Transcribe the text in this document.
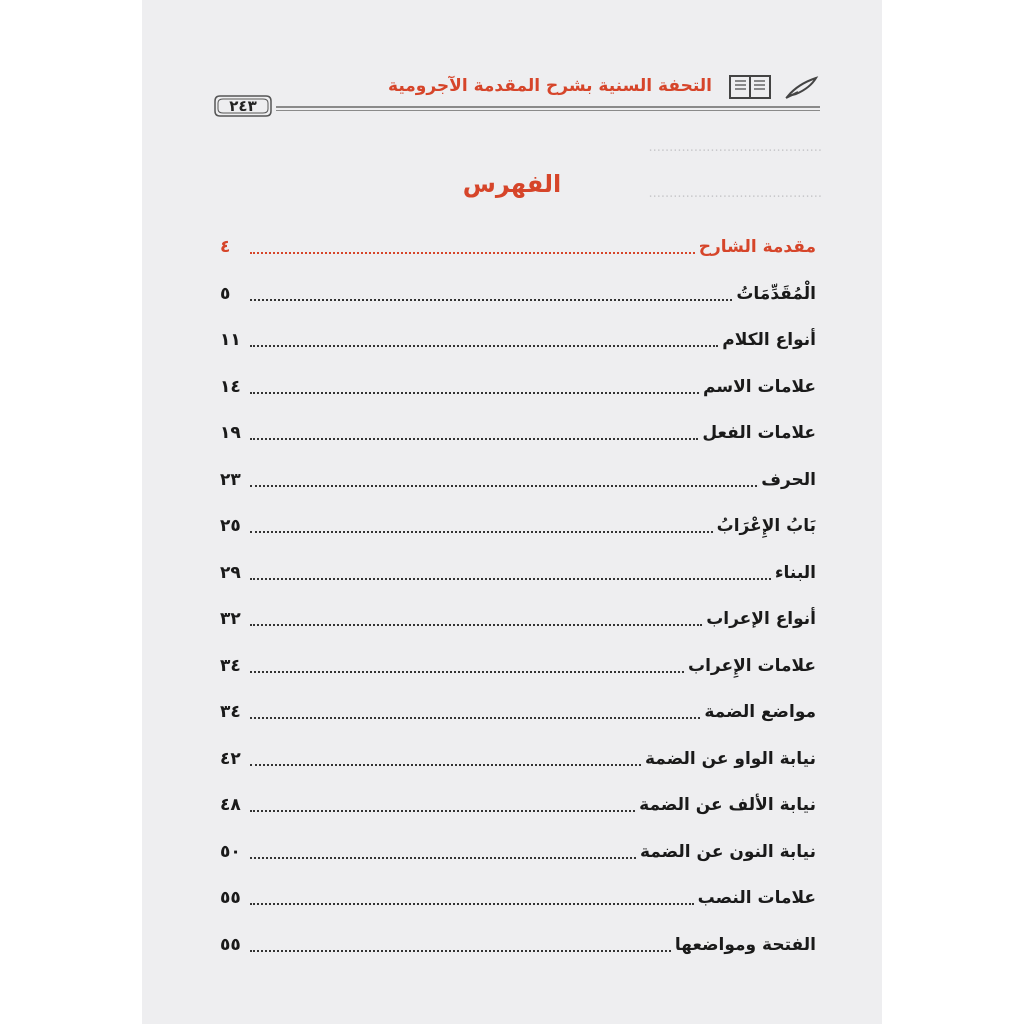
٢٤٣
التحفة السنية بشرح المقدمة الآجرومية
..........................................
..........................................
الفهرس
مقدمة الشارح
٤
الْمُقَدِّمَاتُ
٥
أنواع الكلام
١١
علامات الاسم
١٤
علامات الفعل
١٩
الحرف
٢٣
بَابُ الإِعْرَابُ
٢٥
البناء
٢٩
أنواع الإعراب
٣٢
علامات الإِعراب
٣٤
مواضع الضمة
٣٤
نيابة الواو عن الضمة
٤٢
نيابة الألف عن الضمة
٤٨
نيابة النون عن الضمة
٥٠
علامات النصب
٥٥
الفتحة ومواضعها
٥٥
